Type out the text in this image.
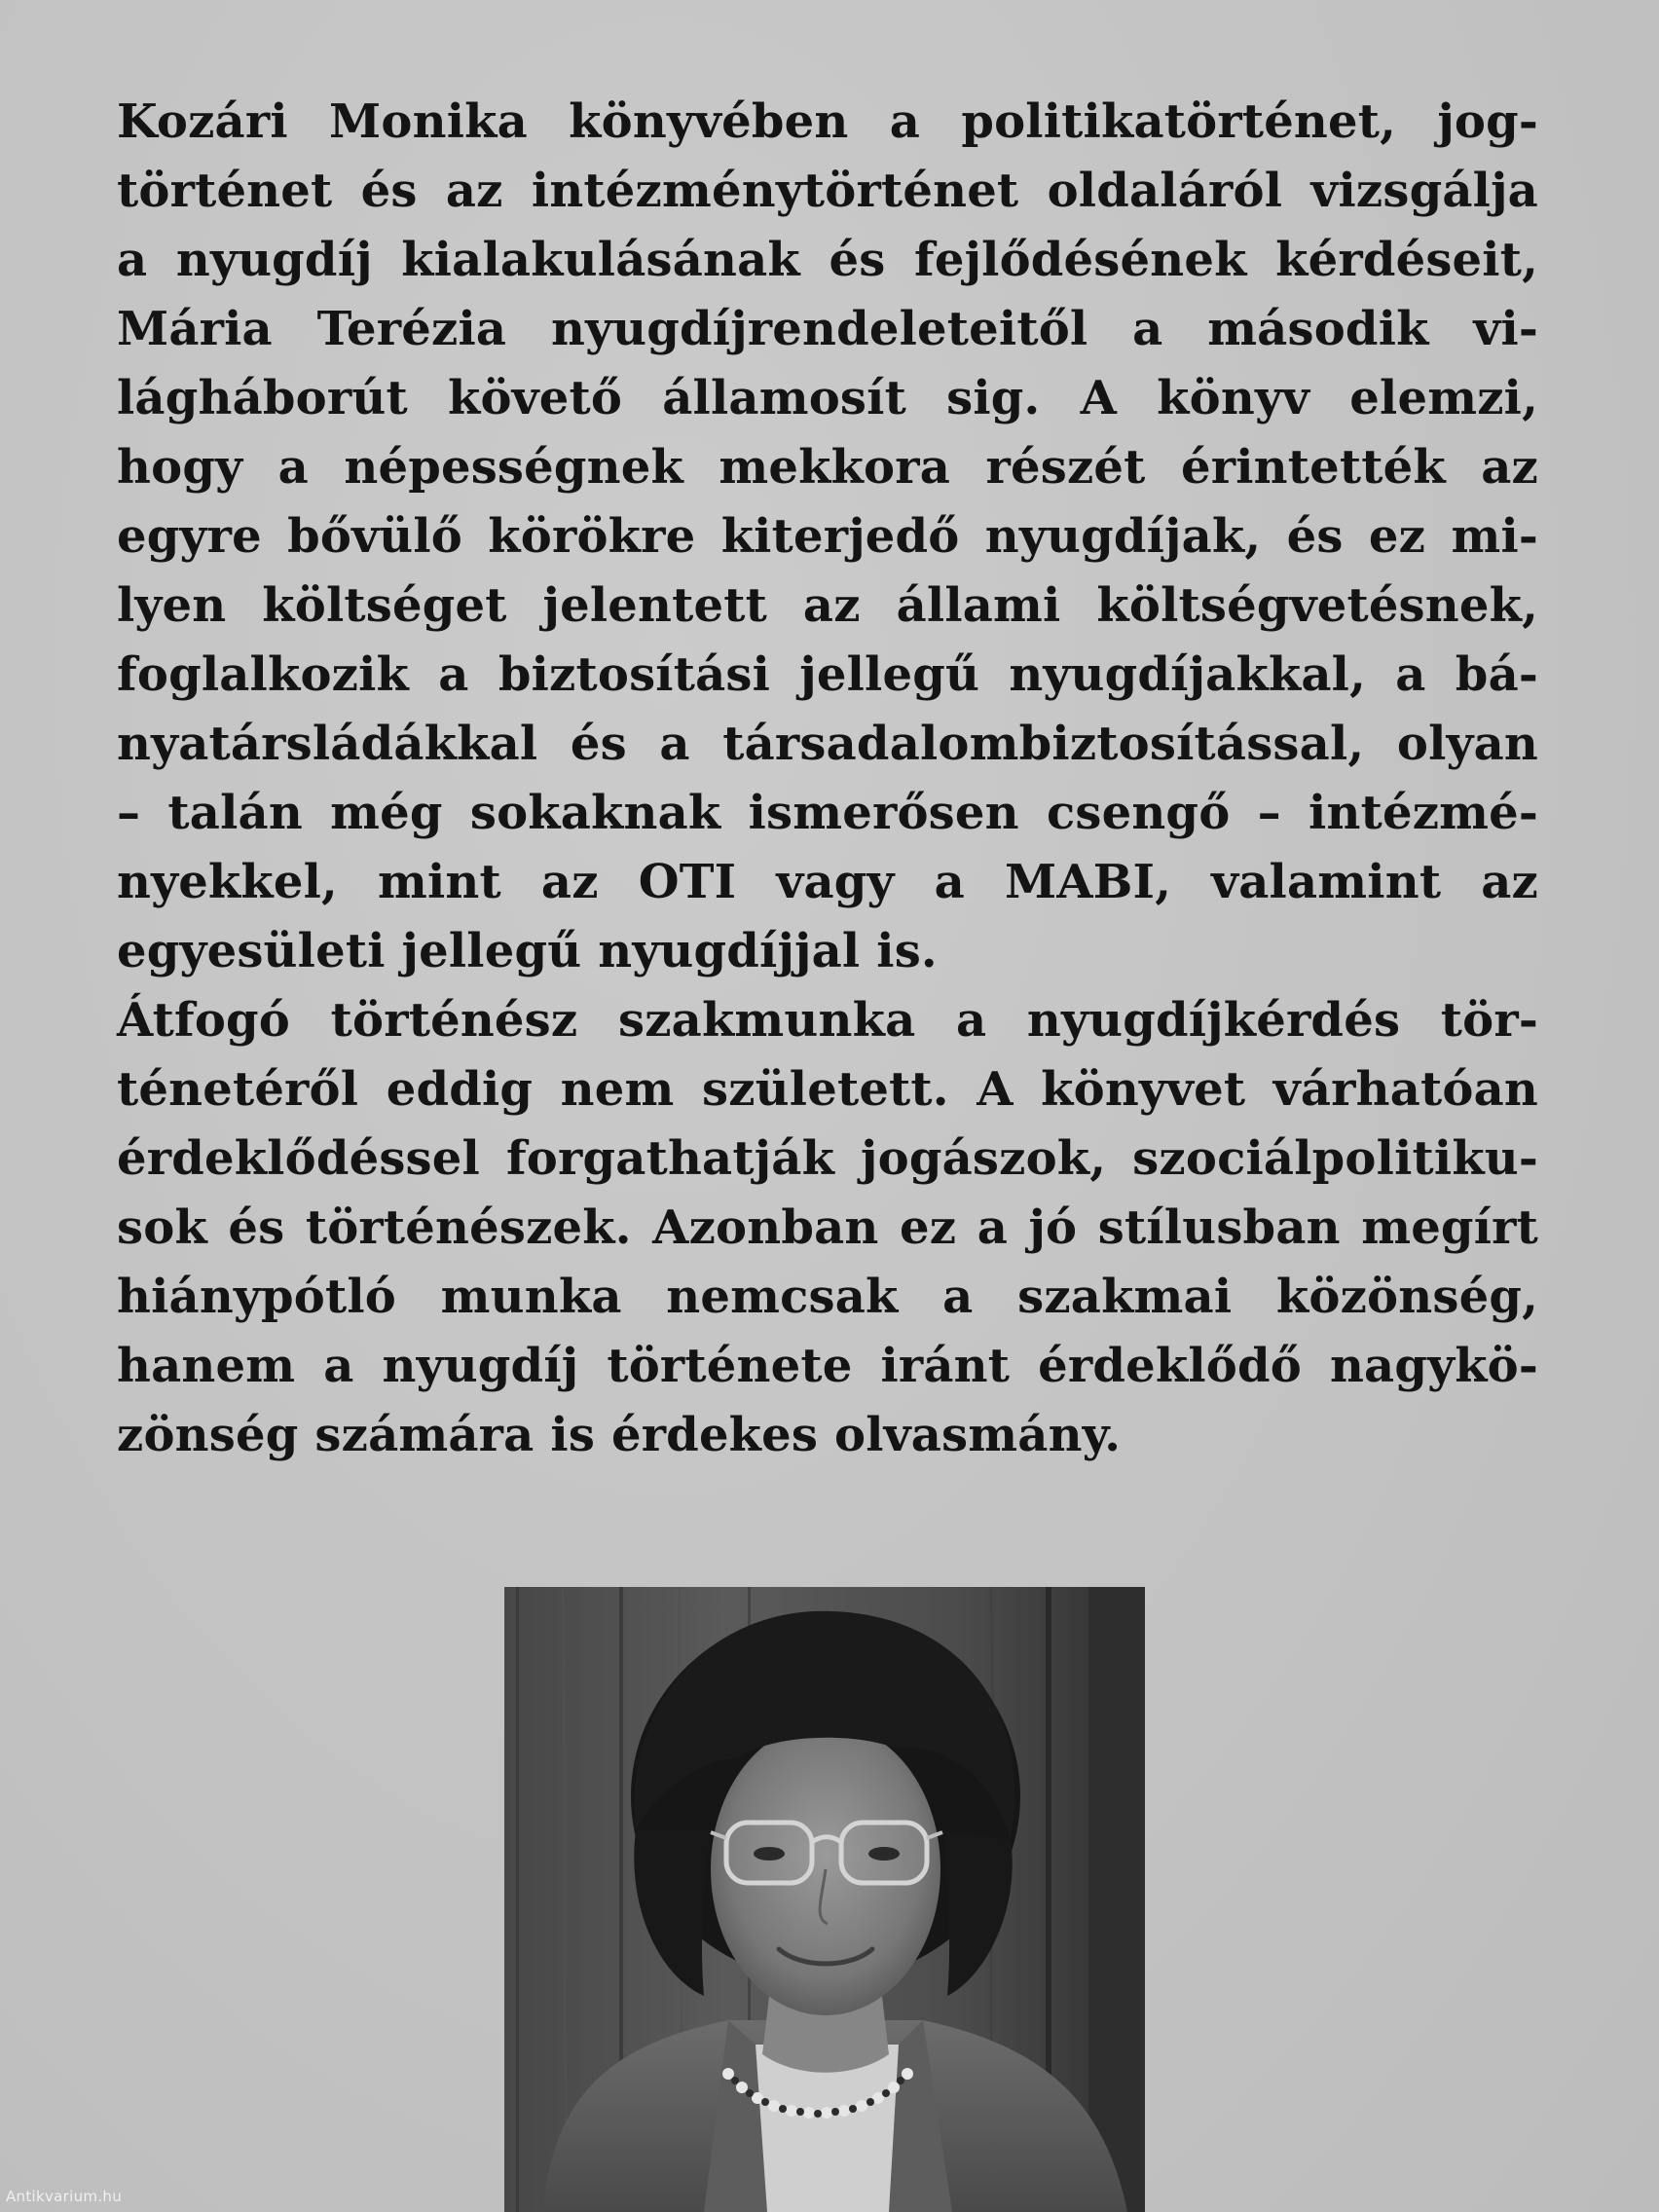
Kozári Monika könyvében a politikatörténet, jog-
történet és az intézménytörténet oldaláról vizsgálja
a nyugdíj kialakulásának és fejlődésének kérdéseit,
Mária Terézia nyugdíjrendeleteitől a második vi-
lágháborút követő államosít sig. A könyv elemzi,
hogy a népességnek mekkora részét érintették az
egyre bővülő körökre kiterjedő nyugdíjak, és ez mi-
lyen költséget jelentett az állami költségvetésnek,
foglalkozik a biztosítási jellegű nyugdíjakkal, a bá-
nyatársládákkal és a társadalombiztosítással, olyan
– talán még sokaknak ismerősen csengő – intézmé-
nyekkel, mint az OTI vagy a MABI, valamint az
egyesületi jellegű nyugdíjjal is.
Átfogó történész szakmunka a nyugdíjkérdés tör-
ténetéről eddig nem született. A könyvet várhatóan
érdeklődéssel forgathatják jogászok, szociálpolitiku-
sok és történészek. Azonban ez a jó stílusban megírt
hiánypótló munka nemcsak a szakmai közönség,
hanem a nyugdíj története iránt érdeklődő nagykö-
zönség számára is érdekes olvasmány.
Antikvarium.hu
